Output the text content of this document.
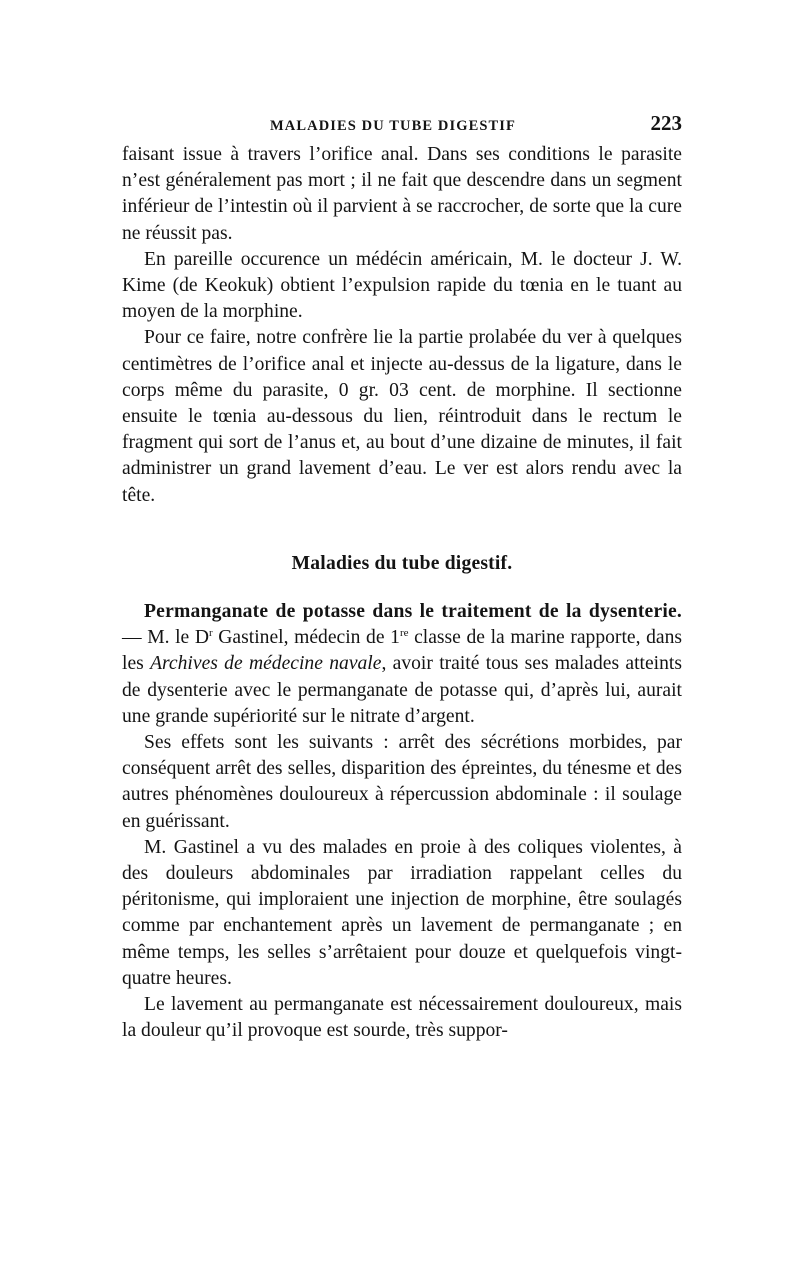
MALADIES DU TUBE DIGESTIF	223

faisant issue à travers l’orifice anal. Dans ses conditions le parasite n’est généralement pas mort ; il ne fait que descendre dans un segment inférieur de l’intestin où il parvient à se raccrocher, de sorte que la cure ne réussit pas.

En pareille occurence un médécin américain, M. le docteur J. W. Kime (de Keokuk) obtient l’expulsion rapide du tœnia en le tuant au moyen de la morphine.

Pour ce faire, notre confrère lie la partie prolabée du ver à quelques centimètres de l’orifice anal et injecte au-dessus de la ligature, dans le corps même du parasite, 0 gr. 03 cent. de morphine. Il sectionne ensuite le tœnia au-dessous du lien, réintroduit dans le rectum le fragment qui sort de l’anus et, au bout d’une dizaine de minutes, il fait administrer un grand lavement d’eau. Le ver est alors rendu avec la tête.

Maladies du tube digestif.

Permanganate de potasse dans le traitement de la dysenterie. — M. le $D^r$ Gastinel, médecin de 1re classe de la marine rapporte, dans les Archives de médecine navale, avoir traité tous ses malades atteints de dysenterie avec le permanganate de potasse qui, d’après lui, aurait une grande supériorité sur le nitrate d’argent.

Ses effets sont les suivants : arrêt des sécrétions morbides, par conséquent arrêt des selles, disparition des épreintes, du ténesme et des autres phénomènes douloureux à répercussion abdominale : il soulage en guérissant.

M. Gastinel a vu des malades en proie à des coliques violentes, à des douleurs abdominales par irradiation rappelant celles du péritonisme, qui imploraient une injection de morphine, être soulagés comme par enchantement après un lavement de permanganate ; en même temps, les selles s’arrêtaient pour douze et quelquefois vingt-quatre heures.

Le lavement au permanganate est nécessairement douloureux, mais la douleur qu’il provoque est sourde, très suppor-
